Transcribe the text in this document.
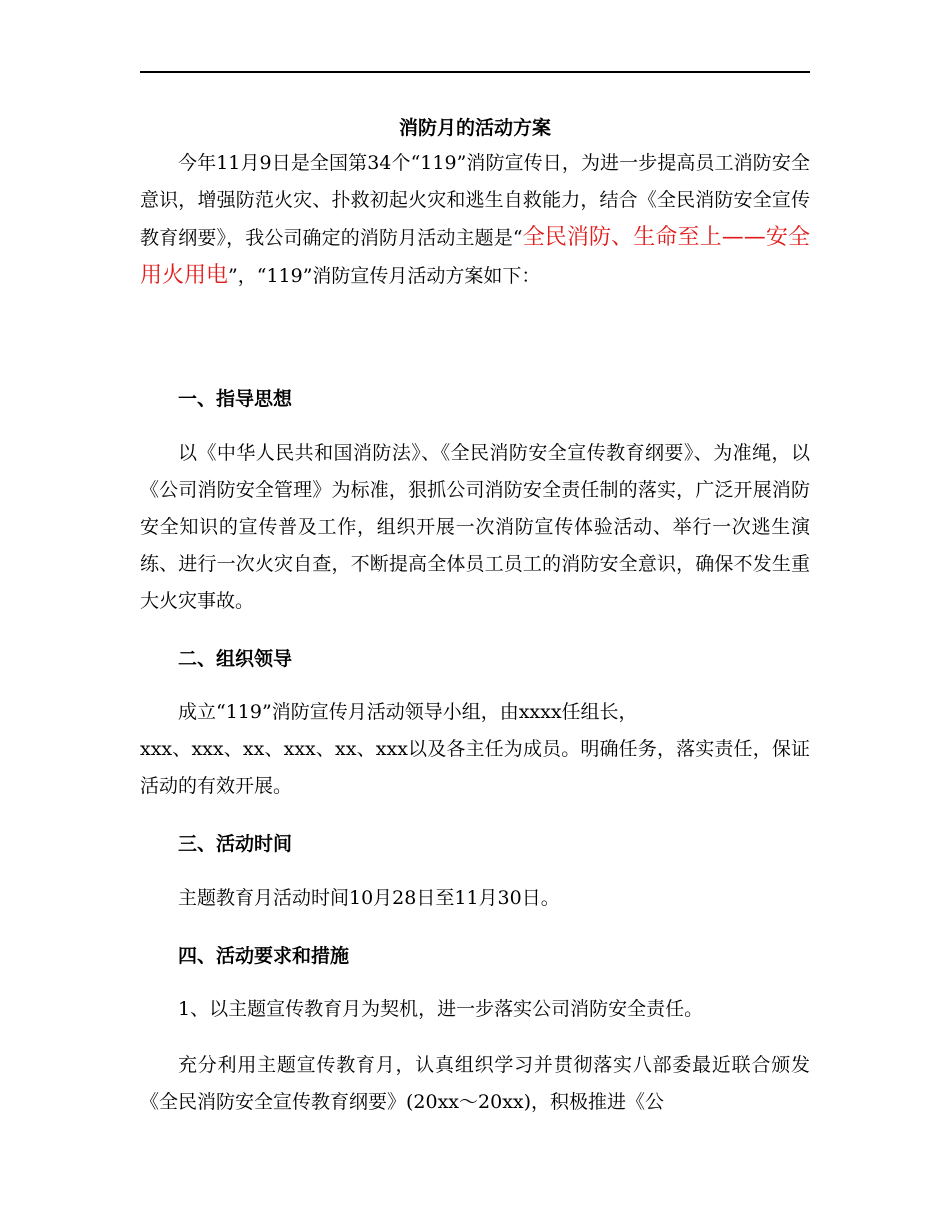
消防月的活动方案

今年11月9日是全国第34个“119”消防宣传日，为进一步提高员工消防安全意识，增强防范火灾、扑救初起火灾和逃生自救能力，结合《全民消防安全宣传教育纲要》，我公司确定的消防月活动主题是“全民消防、生命至上——安全用火用电”，“119”消防宣传月活动方案如下：

一、指导思想

以《中华人民共和国消防法》、《全民消防安全宣传教育纲要》、为准绳，以《公司消防安全管理》为标准，狠抓公司消防安全责任制的落实，广泛开展消防安全知识的宣传普及工作，组织开展一次消防宣传体验活动、举行一次逃生演练、进行一次火灾自查，不断提高全体员工员工的消防安全意识，确保不发生重大火灾事故。

二、组织领导

成立“119”消防宣传月活动领导小组，由xxxx任组长，

xxx、xxx、xx、xxx、xx、xxx以及各主任为成员。明确任务，落实责任，保证活动的有效开展。

三、活动时间

主题教育月活动时间10月28日至11月30日。

四、活动要求和措施

1、以主题宣传教育月为契机，进一步落实公司消防安全责任。

充分利用主题宣传教育月，认真组织学习并贯彻落实八部委最近联合颁发《全民消防安全宣传教育纲要》(20xx～20xx)，积极推进《公
